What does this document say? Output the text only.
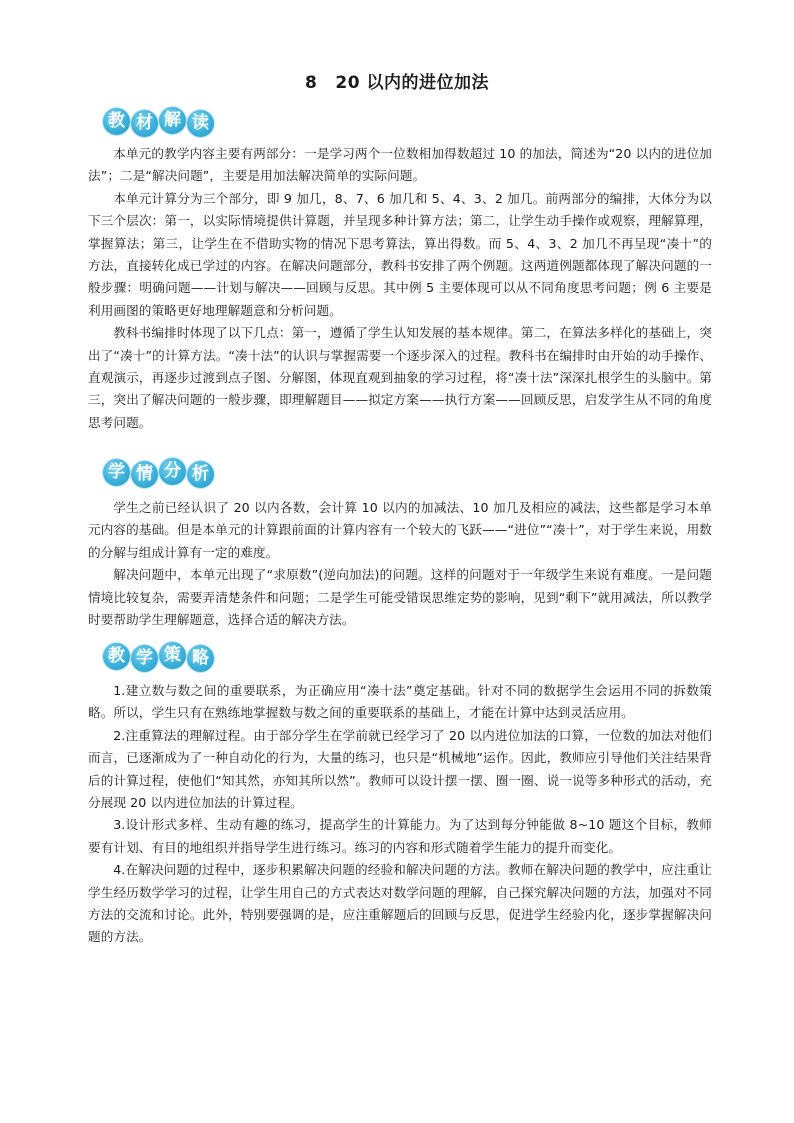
8 20 以内的进位加法
教 材 解 读

本单元的教学内容主要有两部分：一是学习两个一位数相加得数超过 10 的加法，简述为“20 以内的进位加法”；二是“解决问题”，主要是用加法解决简单的实际问题。

本单元计算分为三个部分，即 9 加几，8、7、6 加几和 5、4、3、2 加几。前两部分的编排，大体分为以下三个层次：第一，以实际情境提供计算题，并呈现多种计算方法；第二，让学生动手操作或观察，理解算理，掌握算法；第三，让学生在不借助实物的情况下思考算法，算出得数。而 5、4、3、2 加几不再呈现“凑十”的方法，直接转化成已学过的内容。在解决问题部分，教科书安排了两个例题。这两道例题都体现了解决问题的一般步骤：明确问题——计划与解决——回顾与反思。其中例 5 主要体现可以从不同角度思考问题；例 6 主要是利用画图的策略更好地理解题意和分析问题。

教科书编排时体现了以下几点：第一，遵循了学生认知发展的基本规律。第二，在算法多样化的基础上，突出了“凑十”的计算方法。“凑十法”的认识与掌握需要一个逐步深入的过程。教科书在编排时由开始的动手操作、直观演示，再逐步过渡到点子图、分解图，体现直观到抽象的学习过程，将“凑十法”深深扎根学生的头脑中。第三，突出了解决问题的一般步骤，即理解题目——拟定方案——执行方案——回顾反思，启发学生从不同的角度思考问题。

学 情 分 析

学生之前已经认识了 20 以内各数，会计算 10 以内的加减法、10 加几及相应的减法，这些都是学习本单元内容的基础。但是本单元的计算跟前面的计算内容有一个较大的飞跃——“进位”“凑十”，对于学生来说，用数的分解与组成计算有一定的难度。

解决问题中，本单元出现了“求原数”(逆向加法)的问题。这样的问题对于一年级学生来说有难度。一是问题情境比较复杂，需要弄清楚条件和问题；二是学生可能受错误思维定势的影响，见到“剩下”就用减法，所以教学时要帮助学生理解题意，选择合适的解决方法。

教 学 策 略

1.建立数与数之间的重要联系，为正确应用“凑十法”奠定基础。针对不同的数据学生会运用不同的拆数策略。所以，学生只有在熟练地掌握数与数之间的重要联系的基础上，才能在计算中达到灵活应用。

2.注重算法的理解过程。由于部分学生在学前就已经学习了 20 以内进位加法的口算，一位数的加法对他们而言，已逐渐成为了一种自动化的行为，大量的练习，也只是“机械地”运作。因此，教师应引导他们关注结果背后的计算过程，使他们“知其然，亦知其所以然”。教师可以设计摆一摆、圈一圈、说一说等多种形式的活动，充分展现 20 以内进位加法的计算过程。

3.设计形式多样、生动有趣的练习，提高学生的计算能力。为了达到每分钟能做 8~10 题这个目标，教师要有计划、有目的地组织并指导学生进行练习。练习的内容和形式随着学生能力的提升而变化。

4.在解决问题的过程中，逐步积累解决问题的经验和解决问题的方法。教师在解决问题的教学中，应注重让学生经历数学学习的过程，让学生用自己的方式表达对数学问题的理解，自己探究解决问题的方法，加强对不同方法的交流和讨论。此外，特别要强调的是，应注重解题后的回顾与反思，促进学生经验内化，逐步掌握解决问题的方法。
